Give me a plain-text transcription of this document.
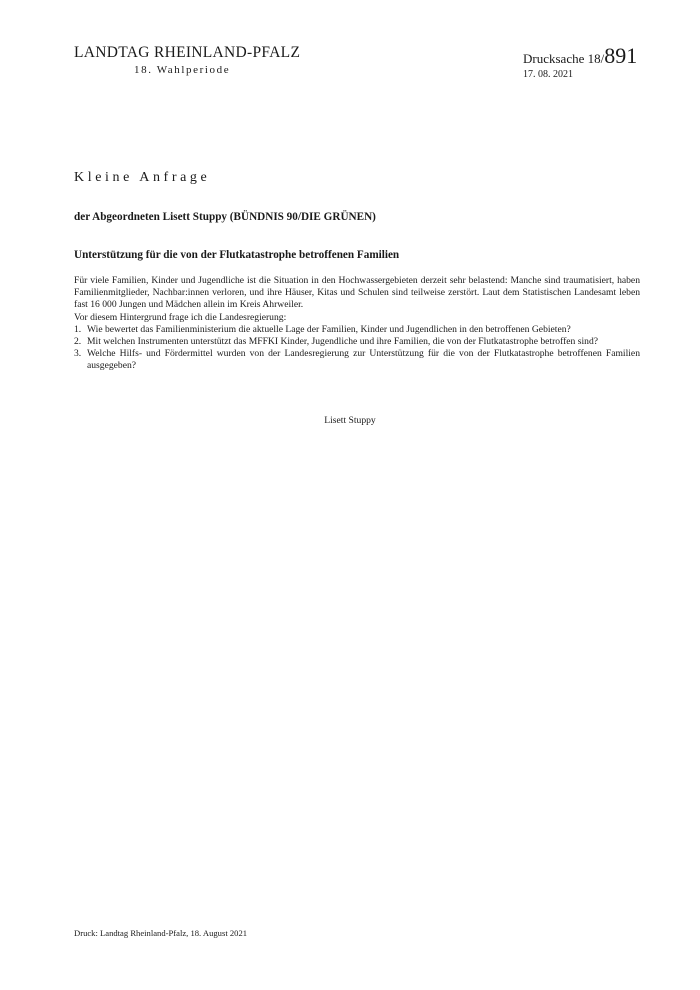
LANDTAG RHEINLAND-PFALZ
18. Wahlperiode
Drucksache 18/891
17. 08. 2021
Kleine Anfrage
der Abgeordneten Lisett Stuppy (BÜNDNIS 90/DIE GRÜNEN)
Unterstützung für die von der Flutkatastrophe betroffenen Familien

Für viele Familien, Kinder und Jugendliche ist die Situation in den Hochwassergebieten derzeit sehr belastend: Manche sind traumatisiert, haben Familienmitglieder, Nachbar:innen verloren, und ihre Häuser, Kitas und Schulen sind teilweise zerstört. Laut dem Statistischen Landesamt leben fast 16 000 Jungen und Mädchen allein im Kreis Ahrweiler.

Vor diesem Hintergrund frage ich die Landesregierung:

1. Wie bewertet das Familienministerium die aktuelle Lage der Familien, Kinder und Jugendlichen in den betroffenen Gebieten?
2. Mit welchen Instrumenten unterstützt das MFFKI Kinder, Jugendliche und ihre Familien, die von der Flutkatastrophe betroffen sind?
3. Welche Hilfs- und Fördermittel wurden von der Landesregierung zur Unterstützung für die von der Flutkatastrophe betroffenen Familien ausgegeben?
Lisett Stuppy
Druck: Landtag Rheinland-Pfalz, 18. August 2021
